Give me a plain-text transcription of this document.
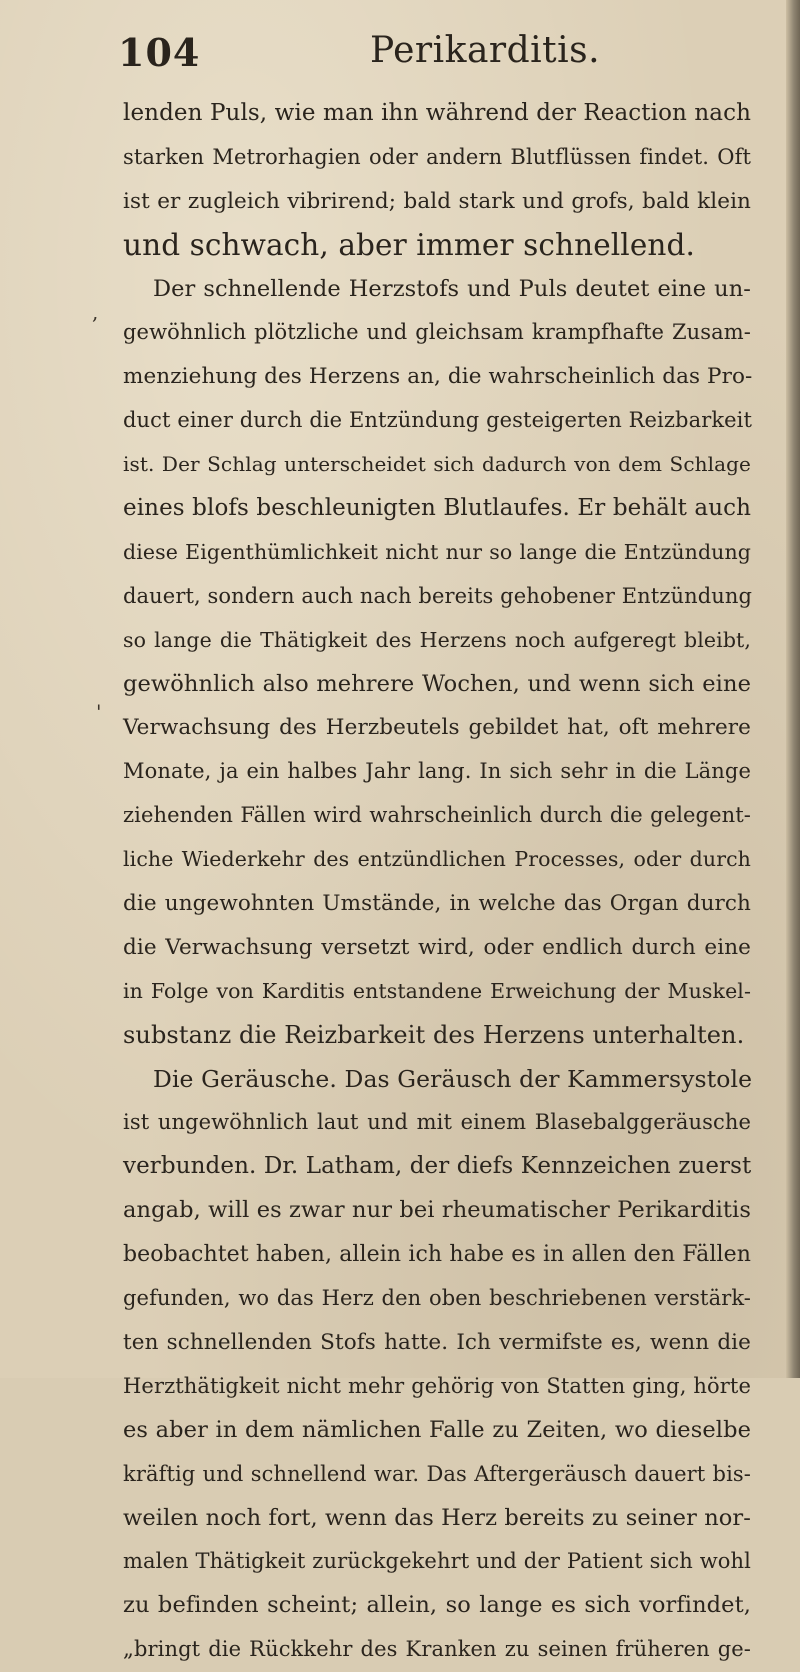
104	Perikarditis.
,
'
lenden Puls, wie man ihn während der Reaction nach
starken Metrorhagien oder andern Blutflüssen findet. Oft
ist er zugleich vibrirend; bald stark und grofs, bald klein
und schwach, aber immer schnellend.
Der schnellende Herzstofs und Puls deutet eine un-
gewöhnlich plötzliche und gleichsam krampfhafte Zusam-
menziehung des Herzens an, die wahrscheinlich das Pro-
duct einer durch die Entzündung gesteigerten Reizbarkeit
ist. Der Schlag unterscheidet sich dadurch von dem Schlage
eines blofs beschleunigten Blutlaufes. Er behält auch
diese Eigenthümlichkeit nicht nur so lange die Entzündung
dauert, sondern auch nach bereits gehobener Entzündung
so lange die Thätigkeit des Herzens noch aufgeregt bleibt,
gewöhnlich also mehrere Wochen, und wenn sich eine
Verwachsung des Herzbeutels gebildet hat, oft mehrere
Monate, ja ein halbes Jahr lang. In sich sehr in die Länge
ziehenden Fällen wird wahrscheinlich durch die gelegent-
liche Wiederkehr des entzündlichen Processes, oder durch
die ungewohnten Umstände, in welche das Organ durch
die Verwachsung versetzt wird, oder endlich durch eine
in Folge von Karditis entstandene Erweichung der Muskel-
substanz die Reizbarkeit des Herzens unterhalten.
Die Geräusche. Das Geräusch der Kammersystole
ist ungewöhnlich laut und mit einem Blasebalggeräusche
verbunden. Dr. Latham, der diefs Kennzeichen zuerst
angab, will es zwar nur bei rheumatischer Perikarditis
beobachtet haben, allein ich habe es in allen den Fällen
gefunden, wo das Herz den oben beschriebenen verstärk-
ten schnellenden Stofs hatte. Ich vermifste es, wenn die
Herzthätigkeit nicht mehr gehörig von Statten ging, hörte
es aber in dem nämlichen Falle zu Zeiten, wo dieselbe
kräftig und schnellend war. Das Aftergeräusch dauert bis-
weilen noch fort, wenn das Herz bereits zu seiner nor-
malen Thätigkeit zurückgekehrt und der Patient sich wohl
zu befinden scheint; allein, so lange es sich vorfindet,
„bringt die Rückkehr des Kranken zu seinen früheren ge-
